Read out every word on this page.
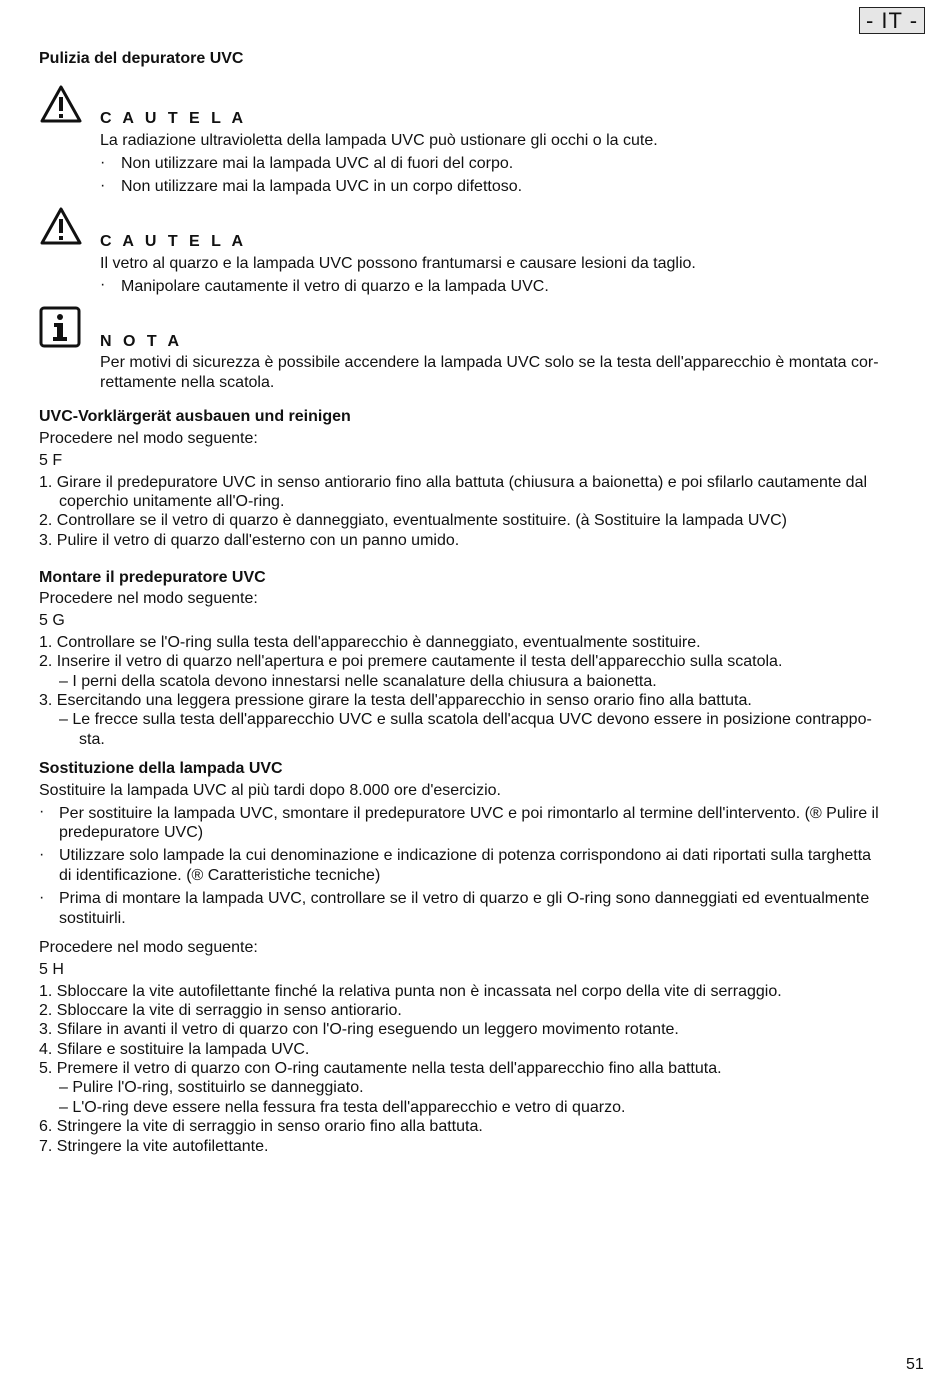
- IT -
Pulizia del depuratore UVC
C A U T E L A
La radiazione ultravioletta della lampada UVC può ustionare gli occhi o la cute.
· Non utilizzare mai la lampada UVC al di fuori del corpo.
· Non utilizzare mai la lampada UVC in un corpo difettoso.
C A U T E L A
Il vetro al quarzo e la lampada UVC possono frantumarsi e causare lesioni da taglio.
· Manipolare cautamente il vetro di quarzo e la lampada UVC.
N O T A
Per motivi di sicurezza è possibile accendere la lampada UVC solo se la testa dell'apparecchio è montata cor-
rettamente nella scatola.
UVC-Vorklärgerät ausbauen und reinigen
Procedere nel modo seguente:
5 F
1. Girare il predepuratore UVC in senso antiorario fino alla battuta (chiusura a baionetta) e poi sfilarlo cautamente dal
coperchio unitamente all'O-ring.
2. Controllare se il vetro di quarzo è danneggiato, eventualmente sostituire. (à Sostituire la lampada UVC)
3. Pulire il vetro di quarzo dall'esterno con un panno umido.
Montare il predepuratore UVC
Procedere nel modo seguente:
5 G
1. Controllare se l'O-ring sulla testa dell'apparecchio è danneggiato, eventualmente sostituire.
2. Inserire il vetro di quarzo nell'apertura e poi premere cautamente il testa dell'apparecchio sulla scatola.
– I perni della scatola devono innestarsi nelle scanalature della chiusura a baionetta.
3. Esercitando una leggera pressione girare la testa dell'apparecchio in senso orario fino alla battuta.
– Le frecce sulla testa dell'apparecchio UVC e sulla scatola dell'acqua UVC devono essere in posizione contrappo-
sta.
Sostituzione della lampada UVC
Sostituire la lampada UVC al più tardi dopo 8.000 ore d'esercizio.
· Per sostituire la lampada UVC, smontare il predepuratore UVC e poi rimontarlo al termine dell'intervento. (® Pulire il
predepuratore UVC)
· Utilizzare solo lampade la cui denominazione e indicazione di potenza corrispondono ai dati riportati sulla targhetta
di identificazione. (® Caratteristiche tecniche)
· Prima di montare la lampada UVC, controllare se il vetro di quarzo e gli O-ring sono danneggiati ed eventualmente
sostituirli.
Procedere nel modo seguente:
5 H
1. Sbloccare la vite autofilettante finché la relativa punta non è incassata nel corpo della vite di serraggio.
2. Sbloccare la vite di serraggio in senso antiorario.
3. Sfilare in avanti il vetro di quarzo con l'O-ring eseguendo un leggero movimento rotante.
4. Sfilare e sostituire la lampada UVC.
5. Premere il vetro di quarzo con O-ring cautamente nella testa dell'apparecchio fino alla battuta.
– Pulire l'O-ring, sostituirlo se danneggiato.
– L'O-ring deve essere nella fessura fra testa dell'apparecchio e vetro di quarzo.
6. Stringere la vite di serraggio in senso orario fino alla battuta.
7. Stringere la vite autofilettante.
51
